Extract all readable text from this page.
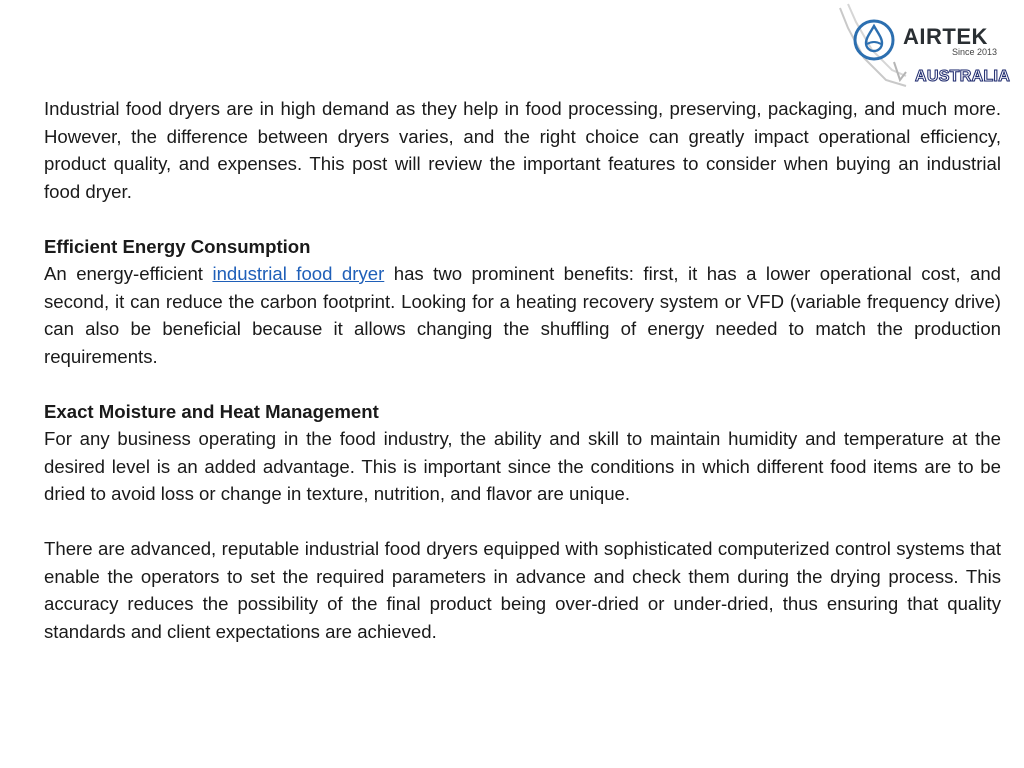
AIRTEK
Since 2013
AUSTRALIA

Industrial food dryers are in high demand as they help in food processing, preserving, packaging, and much more. However, the difference between dryers varies, and the right choice can greatly impact operational efficiency, product quality, and expenses. This post will review the important features to consider when buying an industrial food dryer.

Efficient Energy Consumption

An energy-efficient industrial food dryer has two prominent benefits: first, it has a lower operational cost, and second, it can reduce the carbon footprint. Looking for a heating recovery system or VFD (variable frequency drive) can also be beneficial because it allows changing the shuffling of energy needed to match the production requirements.

Exact Moisture and Heat Management

For any business operating in the food industry, the ability and skill to maintain humidity and temperature at the desired level is an added advantage. This is important since the conditions in which different food items are to be dried to avoid loss or change in texture, nutrition, and flavor are unique.

There are advanced, reputable industrial food dryers equipped with sophisticated computerized control systems that enable the operators to set the required parameters in advance and check them during the drying process. This accuracy reduces the possibility of the final product being over-dried or under-dried, thus ensuring that quality standards and client expectations are achieved.
